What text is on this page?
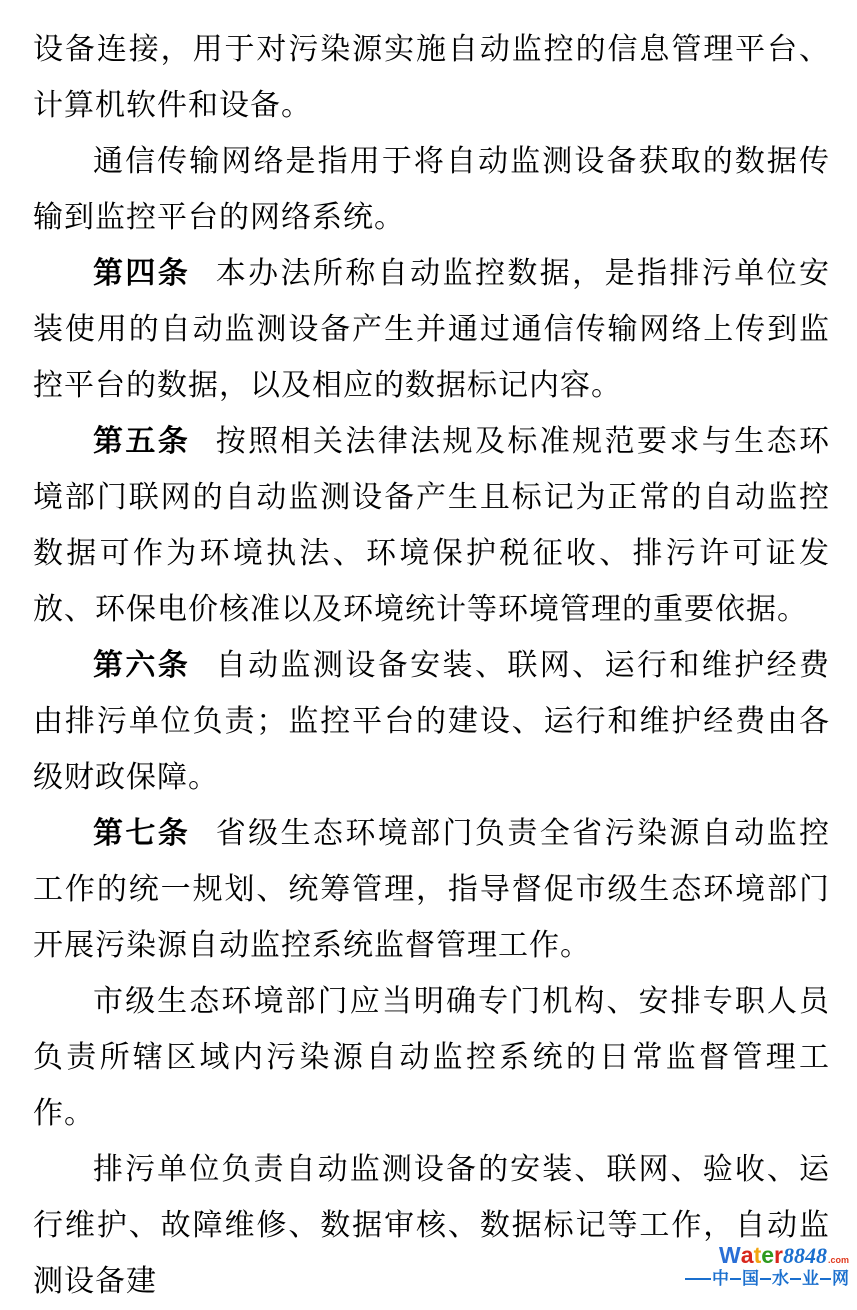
设备连接，用于对污染源实施自动监控的信息管理平台、计算机软件和设备。

通信传输网络是指用于将自动监测设备获取的数据传输到监控平台的网络系统。

第四条 本办法所称自动监控数据，是指排污单位安装使用的自动监测设备产生并通过通信传输网络上传到监控平台的数据，以及相应的数据标记内容。

第五条 按照相关法律法规及标准规范要求与生态环境部门联网的自动监测设备产生且标记为正常的自动监控数据可作为环境执法、环境保护税征收、排污许可证发放、环保电价核准以及环境统计等环境管理的重要依据。

第六条 自动监测设备安装、联网、运行和维护经费由排污单位负责；监控平台的建设、运行和维护经费由各级财政保障。

第七条 省级生态环境部门负责全省污染源自动监控工作的统一规划、统筹管理，指导督促市级生态环境部门开展污染源自动监控系统监督管理工作。

市级生态环境部门应当明确专门机构、安排专职人员负责所辖区域内污染源自动监控系统的日常监督管理工作。

排污单位负责自动监测设备的安装、联网、验收、运行维护、故障维修、数据审核、数据标记等工作，自动监测设备建

W a t e r 8848 .com
中 国 水 业 网
